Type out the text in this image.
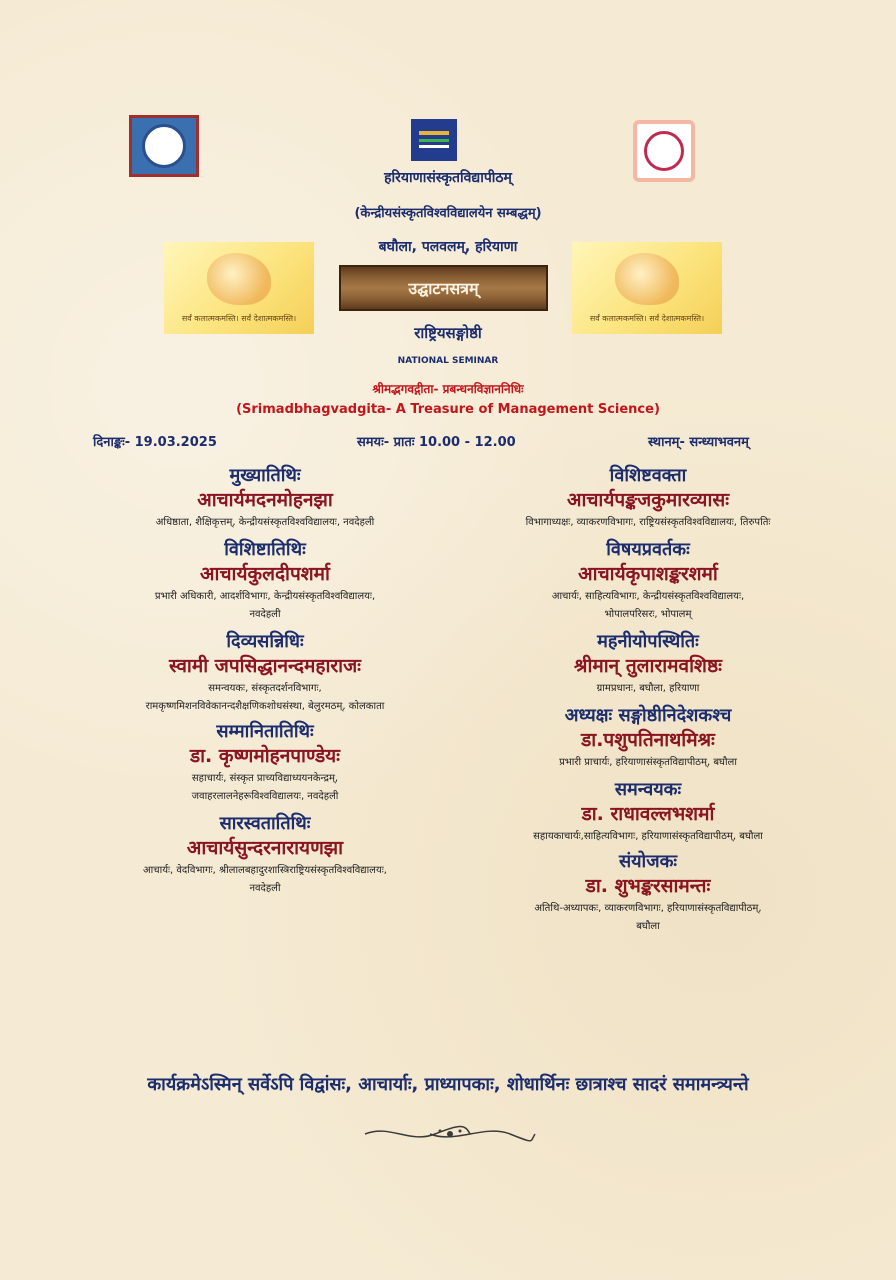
हरियाणासंस्कृतविद्यापीठम्
(केन्द्रीयसंस्कृतविश्वविद्यालयेन सम्बद्धम्)
बघौला, पलवलम्, हरियाणा
सर्वं कलात्मकमस्ति। सर्वं देशात्मकमस्ति।	सर्वं कलात्मकमस्ति। सर्वं देशात्मकमस्ति।
उद्घाटनसत्रम्
राष्ट्रियसङ्गोष्ठी
NATIONAL SEMINAR
श्रीमद्भगवद्गीता- प्रबन्धनविज्ञाननिधिः
(Srimadbhagvadgita- A Treasure of Management Science)
दिनाङ्कः- 19.03.2025	समयः- प्रातः 10.00 - 12.00	स्थानम्- सन्ध्याभवनम्
मुख्यातिथिः
आचार्यमदनमोहनझा
अधिष्ठाता, शैक्षिकृत्तम्, केन्द्रीयसंस्कृतविश्वविद्यालयः, नवदेहली
विशिष्टातिथिः
आचार्यकुलदीपशर्मा
प्रभारी अधिकारी, आदर्शविभागः, केन्द्रीयसंस्कृतविश्वविद्यालयः,
नवदेहली
दिव्यसन्निधिः
स्वामी जपसिद्धानन्दमहाराजः
समन्वयकः, संस्कृतदर्शनविभागः,
रामकृष्णमिशनविवेकानन्दशैक्षणिकशोधसंस्था, बेलुरमठम्, कोलकाता
सम्मानितातिथिः
डा. कृष्णमोहनपाण्डेयः
सहाचार्यः, संस्कृत प्राच्यविद्याध्ययनकेन्द्रम्,
जवाहरलालनेहरूविश्वविद्यालयः, नवदेहली
सारस्वतातिथिः
आचार्यसुन्दरनारायणझा
आचार्यः, वेदविभागः, श्रीलालबहादुरशास्त्रिराष्ट्रियसंस्कृतविश्वविद्यालयः,
नवदेहली
विशिष्टवक्ता
आचार्यपङ्कजकुमारव्यासः
विभागाध्यक्षः, व्याकरणविभागः, राष्ट्रियसंस्कृतविश्वविद्यालयः, तिरुपतिः
विषयप्रवर्तकः
आचार्यकृपाशङ्करशर्मा
आचार्यः, साहित्यविभागः, केन्द्रीयसंस्कृतविश्वविद्यालयः,
भोपालपरिसरः, भोपालम्
महनीयोपस्थितिः
श्रीमान् तुलारामवशिष्ठः
ग्रामप्रधानः, बघौला, हरियाणा
अध्यक्षः सङ्गोष्ठीनिदेशकश्च
डा.पशुपतिनाथमिश्रः
प्रभारी प्राचार्यः, हरियाणासंस्कृतविद्यापीठम्, बघौला
समन्वयकः
डा. राधावल्लभशर्मा
सहायकाचार्यः,साहित्यविभागः, हरियाणासंस्कृतविद्यापीठम्, बघौला
संयोजकः
डा. शुभङ्करसामन्तः
अतिथि-अध्यापकः, व्याकरणविभागः, हरियाणासंस्कृतविद्यापीठम्,
बघौला
कार्यक्रमेऽस्मिन् सर्वेऽपि विद्वांसः, आचार्याः, प्राध्यापकाः, शोधार्थिनः छात्राश्च सादरं समामन्त्र्यन्ते
